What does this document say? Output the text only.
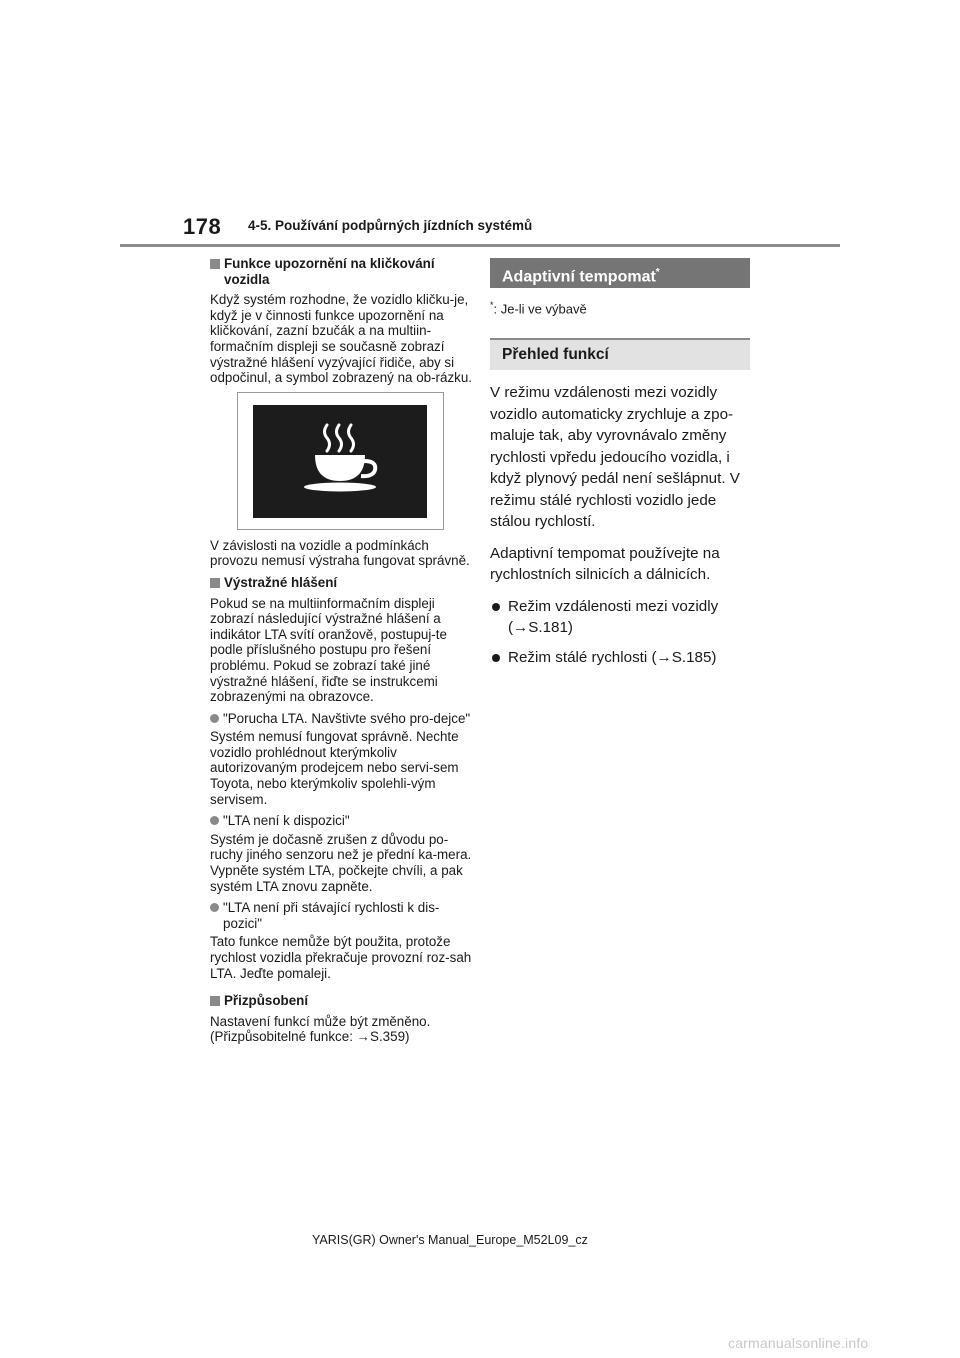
178 4-5. Používání podpůrných jízdních systémů
Funkce upozornění na kličkování vozidla

Když systém rozhodne, že vozidlo kličku-je, když je v činnosti funkce upozornění na kličkování, zazní bzučák a na multiin-formačním displeji se současně zobrazí výstražné hlášení vyzývající řidiče, aby si odpočinul, a symbol zobrazený na ob-rázku.

V závislosti na vozidle a podmínkách provozu nemusí výstraha fungovat správně.

Výstražné hlášení

Pokud se na multiinformačním displeji zobrazí následující výstražné hlášení a indikátor LTA svítí oranžově, postupuj-te podle příslušného postupu pro řešení problému. Pokud se zobrazí také jiné výstražné hlášení, řiďte se instrukcemi zobrazenými na obrazovce.

"Porucha LTA. Navštivte svého pro-dejce"

Systém nemusí fungovat správně. Nechte vozidlo prohlédnout kterýmkoliv autorizovaným prodejcem nebo servi-sem Toyota, nebo kterýmkoliv spolehli-vým servisem.

"LTA není k dispozici"

Systém je dočasně zrušen z důvodu po-ruchy jiného senzoru než je přední ka-mera. Vypněte systém LTA, počkejte chvíli, a pak systém LTA znovu zapněte.

"LTA není při stávající rychlosti k dis-pozici"

Tato funkce nemůže být použita, protože rychlost vozidla překračuje provozní roz-sah LTA. Jeďte pomaleji.

Přizpůsobení

Nastavení funkcí může být změněno.

(Přizpůsobitelné funkce: →S.359)

Adaptivní tempomat*

*: Je-li ve výbavě

Přehled funkcí

V režimu vzdálenosti mezi vozidly vozidlo automaticky zrychluje a zpo-maluje tak, aby vyrovnávalo změny rychlosti vpředu jedoucího vozidla, i když plynový pedál není sešlápnut. V režimu stálé rychlosti vozidlo jede stálou rychlostí.

Adaptivní tempomat používejte na rychlostních silnicích a dálnicích.

Režim vzdálenosti mezi vozidly (→S.181)
Režim stálé rychlosti (→S.185)
YARIS(GR) Owner's Manual_Europe_M52L09_cz
carmanualsonline.info
